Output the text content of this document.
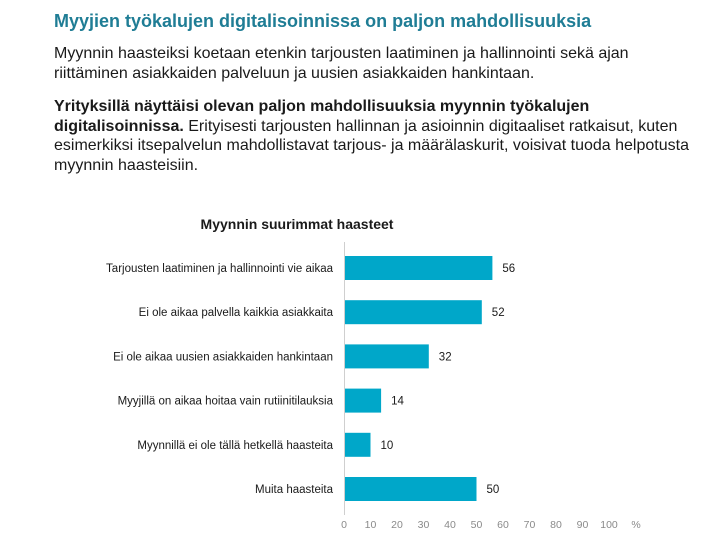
Myyjien työkalujen digitalisoinnissa on paljon mahdollisuuksia
Myynnin haasteiksi koetaan etenkin tarjousten laatiminen ja hallinnointi sekä ajan riittäminen asiakkaiden palveluun ja uusien asiakkaiden hankintaan.
Yrityksillä näyttäisi olevan paljon mahdollisuuksia myynnin työkalujen digitalisoinnissa. Erityisesti tarjousten hallinnan ja asioinnin digitaaliset ratkaisut, kuten esimerkiksi itsepalvelun mahdollistavat tarjous- ja määrälaskurit, voisivat tuoda helpotusta myynnin haasteisiin.
Myynnin suurimmat haasteet
Tarjousten laatiminen ja hallinnointi vie aikaa	56
Ei ole aikaa palvella kaikkia asiakkaita	52
Ei ole aikaa uusien asiakkaiden hankintaan	32
Myyjillä on aikaa hoitaa vain rutiinitilauksia	14
Myynnillä ei ole tällä hetkellä haasteita	10
Muita haasteita	50
0 10 20 30 40 50 60 70 80 90 100 %
